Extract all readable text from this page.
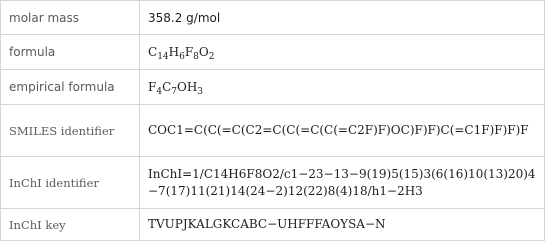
molar mass	358.2 g/mol
formula	$C_{14}H_6F_8O_2$
empirical formula	$F_4C_7OH_3$
SMILES identifier	COC1=C(C(=C(C2=C(C(=C(C(=C2F)F)OC)F)F)C(=C1F)F)F)F
InChI identifier	InChI=1/C14H6F8O2/c1−23−13−9(19)5(15)3(6(16)10(13)20)4−7(17)11(21)14(24−2)12(22)8(4)18/h1−2H3
InChI key	TVUPJKALGKCABC−UHFFFAOYSA−N
